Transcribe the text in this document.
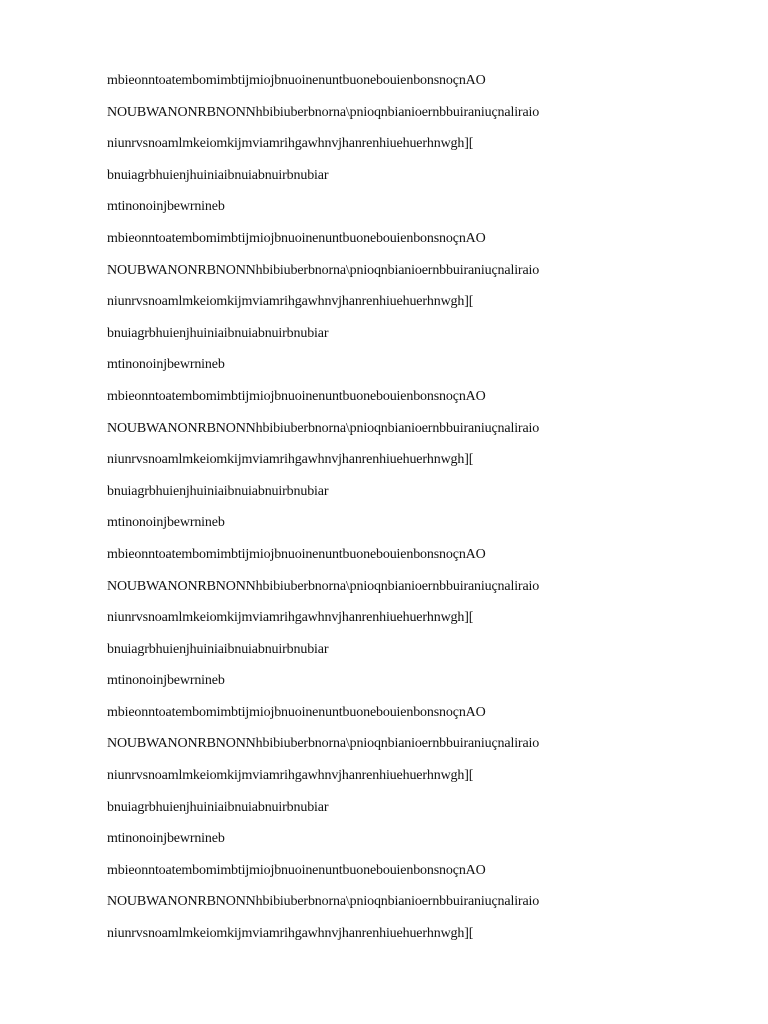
mbieonntoatembomimbtijmiojbnuoinenuntbuonebouienbonsnoçnAO
NOUBWANONRBNONNhbibiuberbnorna\pnioqnbianioernbbuiraniuçnaliraio
niunrvsnoamlmkeiomkijmviamrihgawhnvjhanrenhiuehuerhnwgh][
bnuiagrbhuienjhuiniaibnuiabnuirbnubiar
mtinonoinjbewrnineb
mbieonntoatembomimbtijmiojbnuoinenuntbuonebouienbonsnoçnAO
NOUBWANONRBNONNhbibiuberbnorna\pnioqnbianioernbbuiraniuçnaliraio
niunrvsnoamlmkeiomkijmviamrihgawhnvjhanrenhiuehuerhnwgh][
bnuiagrbhuienjhuiniaibnuiabnuirbnubiar
mtinonoinjbewrnineb
mbieonntoatembomimbtijmiojbnuoinenuntbuonebouienbonsnoçnAO
NOUBWANONRBNONNhbibiuberbnorna\pnioqnbianioernbbuiraniuçnaliraio
niunrvsnoamlmkeiomkijmviamrihgawhnvjhanrenhiuehuerhnwgh][
bnuiagrbhuienjhuiniaibnuiabnuirbnubiar
mtinonoinjbewrnineb
mbieonntoatembomimbtijmiojbnuoinenuntbuonebouienbonsnoçnAO
NOUBWANONRBNONNhbibiuberbnorna\pnioqnbianioernbbuiraniuçnaliraio
niunrvsnoamlmkeiomkijmviamrihgawhnvjhanrenhiuehuerhnwgh][
bnuiagrbhuienjhuiniaibnuiabnuirbnubiar
mtinonoinjbewrnineb
mbieonntoatembomimbtijmiojbnuoinenuntbuonebouienbonsnoçnAO
NOUBWANONRBNONNhbibiuberbnorna\pnioqnbianioernbbuiraniuçnaliraio
niunrvsnoamlmkeiomkijmviamrihgawhnvjhanrenhiuehuerhnwgh][
bnuiagrbhuienjhuiniaibnuiabnuirbnubiar
mtinonoinjbewrnineb
mbieonntoatembomimbtijmiojbnuoinenuntbuonebouienbonsnoçnAO
NOUBWANONRBNONNhbibiuberbnorna\pnioqnbianioernbbuiraniuçnaliraio
niunrvsnoamlmkeiomkijmviamrihgawhnvjhanrenhiuehuerhnwgh][
